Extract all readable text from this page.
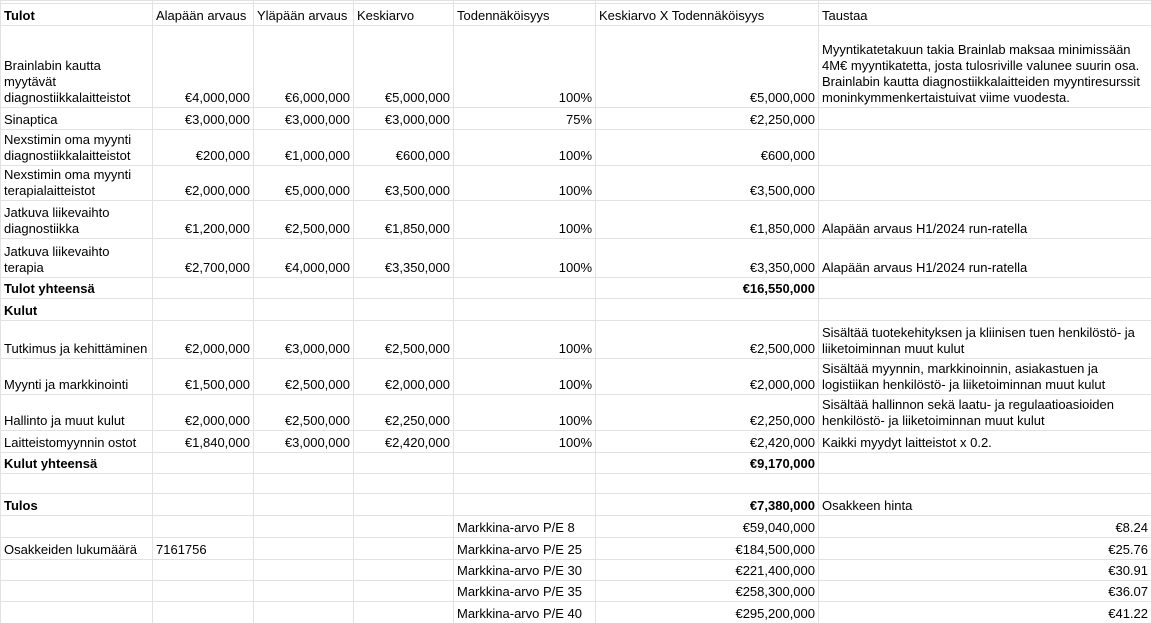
Tulot	Alapään arvaus	Yläpään arvaus	Keskiarvo	Todennäköisyys	Keskiarvo X Todennäköisyys	Taustaa
Brainlabin kautta myytävät diagnostiikkalaitteistot	€4,000,000	€6,000,000	€5,000,000	100%	€5,000,000	Myyntikatetakuun takia Brainlab maksaa minimissään 4M€ myyntikatetta, josta tulosriville valunee suurin osa. Brainlabin kautta diagnostiikkalaitteiden myyntiresurssit moninkymmenkertaistuivat viime vuodesta.
Sinaptica	€3,000,000	€3,000,000	€3,000,000	75%	€2,250,000	
Nexstimin oma myynti diagnostiikkalaitteistot	€200,000	€1,000,000	€600,000	100%	€600,000	
Nexstimin oma myynti terapialaitteistot	€2,000,000	€5,000,000	€3,500,000	100%	€3,500,000	
Jatkuva liikevaihto diagnostiikka	€1,200,000	€2,500,000	€1,850,000	100%	€1,850,000	Alapään arvaus H1/2024 run-ratella
Jatkuva liikevaihto terapia	€2,700,000	€4,000,000	€3,350,000	100%	€3,350,000	Alapään arvaus H1/2024 run-ratella
Tulot yhteensä					€16,550,000	
Kulut						
Tutkimus ja kehittäminen	€2,000,000	€3,000,000	€2,500,000	100%	€2,500,000	Sisältää tuotekehityksen ja kliinisen tuen henkilöstö- ja liiketoiminnan muut kulut
Myynti ja markkinointi	€1,500,000	€2,500,000	€2,000,000	100%	€2,000,000	Sisältää myynnin, markkinoinnin, asiakastuen ja logistiikan henkilöstö- ja liiketoiminnan muut kulut
Hallinto ja muut kulut	€2,000,000	€2,500,000	€2,250,000	100%	€2,250,000	Sisältää hallinnon sekä laatu- ja regulaatioasioiden henkilöstö- ja liiketoiminnan muut kulut
Laitteistomyynnin ostot	€1,840,000	€3,000,000	€2,420,000	100%	€2,420,000	Kaikki myydyt laitteistot x 0.2.
Kulut yhteensä					€9,170,000	

Tulos					€7,380,000	Osakkeen hinta
				Markkina-arvo P/E 8	€59,040,000	€8.24
Osakkeiden lukumäärä	7161756			Markkina-arvo P/E 25	€184,500,000	€25.76
				Markkina-arvo P/E 30	€221,400,000	€30.91
				Markkina-arvo P/E 35	€258,300,000	€36.07
				Markkina-arvo P/E 40	€295,200,000	€41.22
